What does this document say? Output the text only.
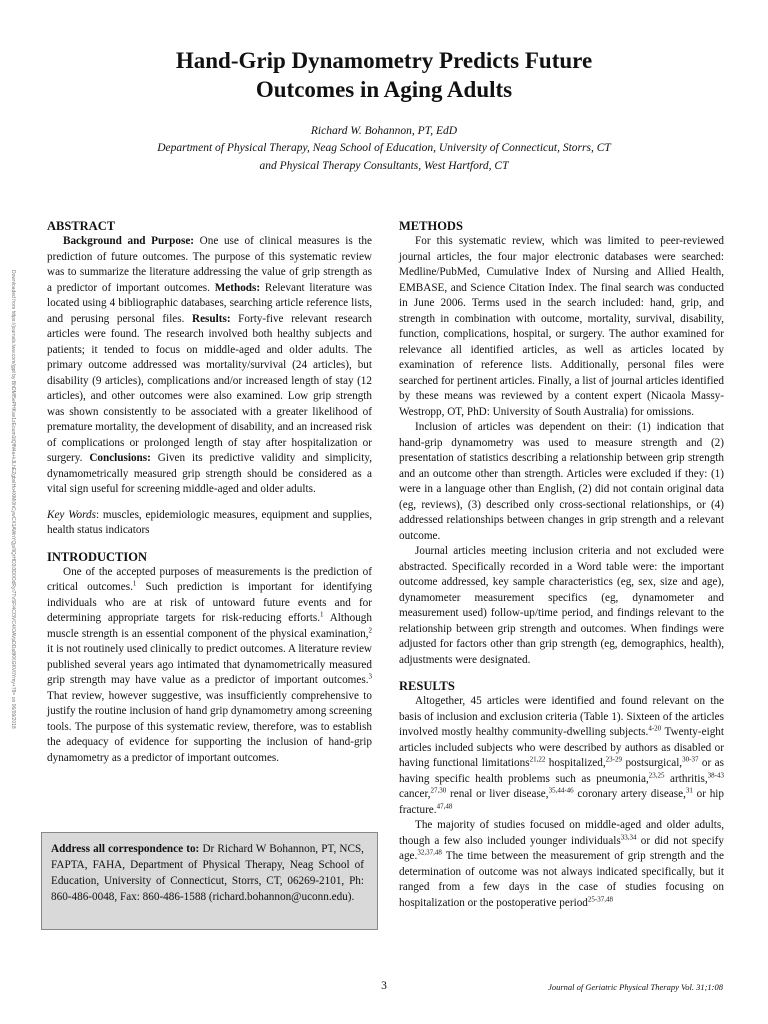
Hand-Grip Dynamometry Predicts Future
Outcomes in Aging Adults
Richard W. Bohannon, PT, EdD
Department of Physical Therapy, Neag School of Education, University of Connecticut, Storrs, CT
and Physical Therapy Consultants, West Hartford, CT
Downloaded from https://journals.lww.com/jgpt by BhDMf5ePHKav1zEoum1tQfN4a+kJLhEZgbsIHo4XMi0hCywCX1AWnYQp/IlQrHD3i3D0OdRyi7TvSFl4Cf3VC4/OAVpDDa8KKGKV0Ymy+78= on 06/09/2018
ABSTRACT

Background and Purpose: One use of clinical measures is the prediction of future outcomes. The purpose of this systematic review was to summarize the literature addressing the value of grip strength as a predictor of important outcomes. Methods: Relevant literature was located using 4 bibliographic databases, searching article reference lists, and perusing personal files. Results: Forty-five relevant research articles were found. The research involved both healthy subjects and patients; it tended to focus on middle-aged and older adults. The primary outcome addressed was mortality/survival (24 articles), but disability (9 articles), complications and/or increased length of stay (12 articles), and other outcomes were also examined. Low grip strength was shown consistently to be associated with a greater likelihood of premature mortality, the development of disability, and an increased risk of complications or prolonged length of stay after hospitalization or surgery. Conclusions: Given its predictive validity and simplicity, dynamometrically measured grip strength should be considered as a vital sign useful for screening middle-aged and older adults.

Key Words: muscles, epidemiologic measures, equipment and supplies, health status indicators

INTRODUCTION

One of the accepted purposes of measurements is the prediction of critical outcomes.$^1$ Such prediction is important for identifying individuals who are at risk of untoward future events and for determining appropriate targets for risk-reducing efforts.$^1$ Although muscle strength is an essential component of the physical examination,$^2$ it is not routinely used clinically to predict outcomes. A literature review published several years ago intimated that dynamometrically measured grip strength may have value as a predictor of important outcomes.$^3$ That review, however suggestive, was insufficiently comprehensive to justify the routine inclusion of hand grip dynamometry among screening tools. The purpose of this systematic review, therefore, was to establish the adequacy of evidence for supporting the inclusion of hand-grip dynamometry as a predictor of important outcomes.

Address all correspondence to: Dr Richard W Bohannon, PT, NCS, FAPTA, FAHA, Department of Physical Therapy, Neag School of Education, University of Connecticut, Storrs, CT, 06269-2101, Ph: 860-486-0048, Fax: 860-486-1588 (richard.bohannon@uconn.edu).
METHODS

For this systematic review, which was limited to peer-reviewed journal articles, the four major electronic databases were searched: Medline/PubMed, Cumulative Index of Nursing and Allied Health, EMBASE, and Science Citation Index. The final search was conducted in June 2006. Terms used in the search included: hand, grip, and strength in combination with outcome, mortality, survival, disability, function, complications, hospital, or surgery. The author examined for relevance all identified articles, as well as articles located by examination of reference lists. Additionally, personal files were searched for pertinent articles. Finally, a list of journal articles identified by these means was reviewed by a content expert (Nicaola Massy-Westropp, OT, PhD: University of South Australia) for omissions.

Inclusion of articles was dependent on their: (1) indication that hand-grip dynamometry was used to measure strength and (2) presentation of statistics describing a relationship between grip strength and an outcome other than strength. Articles were excluded if they: (1) were in a language other than English, (2) did not contain original data (eg, reviews), (3) described only cross-sectional relationships, or (4) addressed relationships between changes in grip strength and a relevant outcome.

Journal articles meeting inclusion criteria and not excluded were abstracted. Specifically recorded in a Word table were: the important outcome addressed, key sample characteristics (eg, sex, size and age), dynamometer measurement specifics (eg, dynamometer and measurement used) follow-up/time period, and findings relevant to the relationship between grip strength and outcomes. When findings were adjusted for factors other than grip strength (eg, demographics, health), adjustments were designated.

RESULTS

Altogether, 45 articles were identified and found relevant on the basis of inclusion and exclusion criteria (Table 1). Sixteen of the articles involved mostly healthy community-dwelling subjects.$^{4-20}$ Twenty-eight articles included subjects who were described by authors as disabled or having functional limitations$^{21,22}$ hospitalized,$^{23-29}$ postsurgical,$^{30-37}$ or as having specific health problems such as pneumonia,$^{23,25}$ arthritis,$^{38-43}$ cancer,$^{27,30}$ renal or liver disease,$^{35,44-46}$ coronary artery disease,$^{31}$ or hip fracture.$^{47,48}$

The majority of studies focused on middle-aged and older adults, though a few also included younger individuals$^{33,34}$ or did not specify age.$^{32,37,48}$ The time between the measurement of grip strength and the determination of outcome was not always indicated specifically, but it ranged from a few days in the case of studies focusing on hospitalization or the postoperative period$^{25-37,48}$

3	Journal of Geriatric Physical Therapy Vol. 31;1:08
